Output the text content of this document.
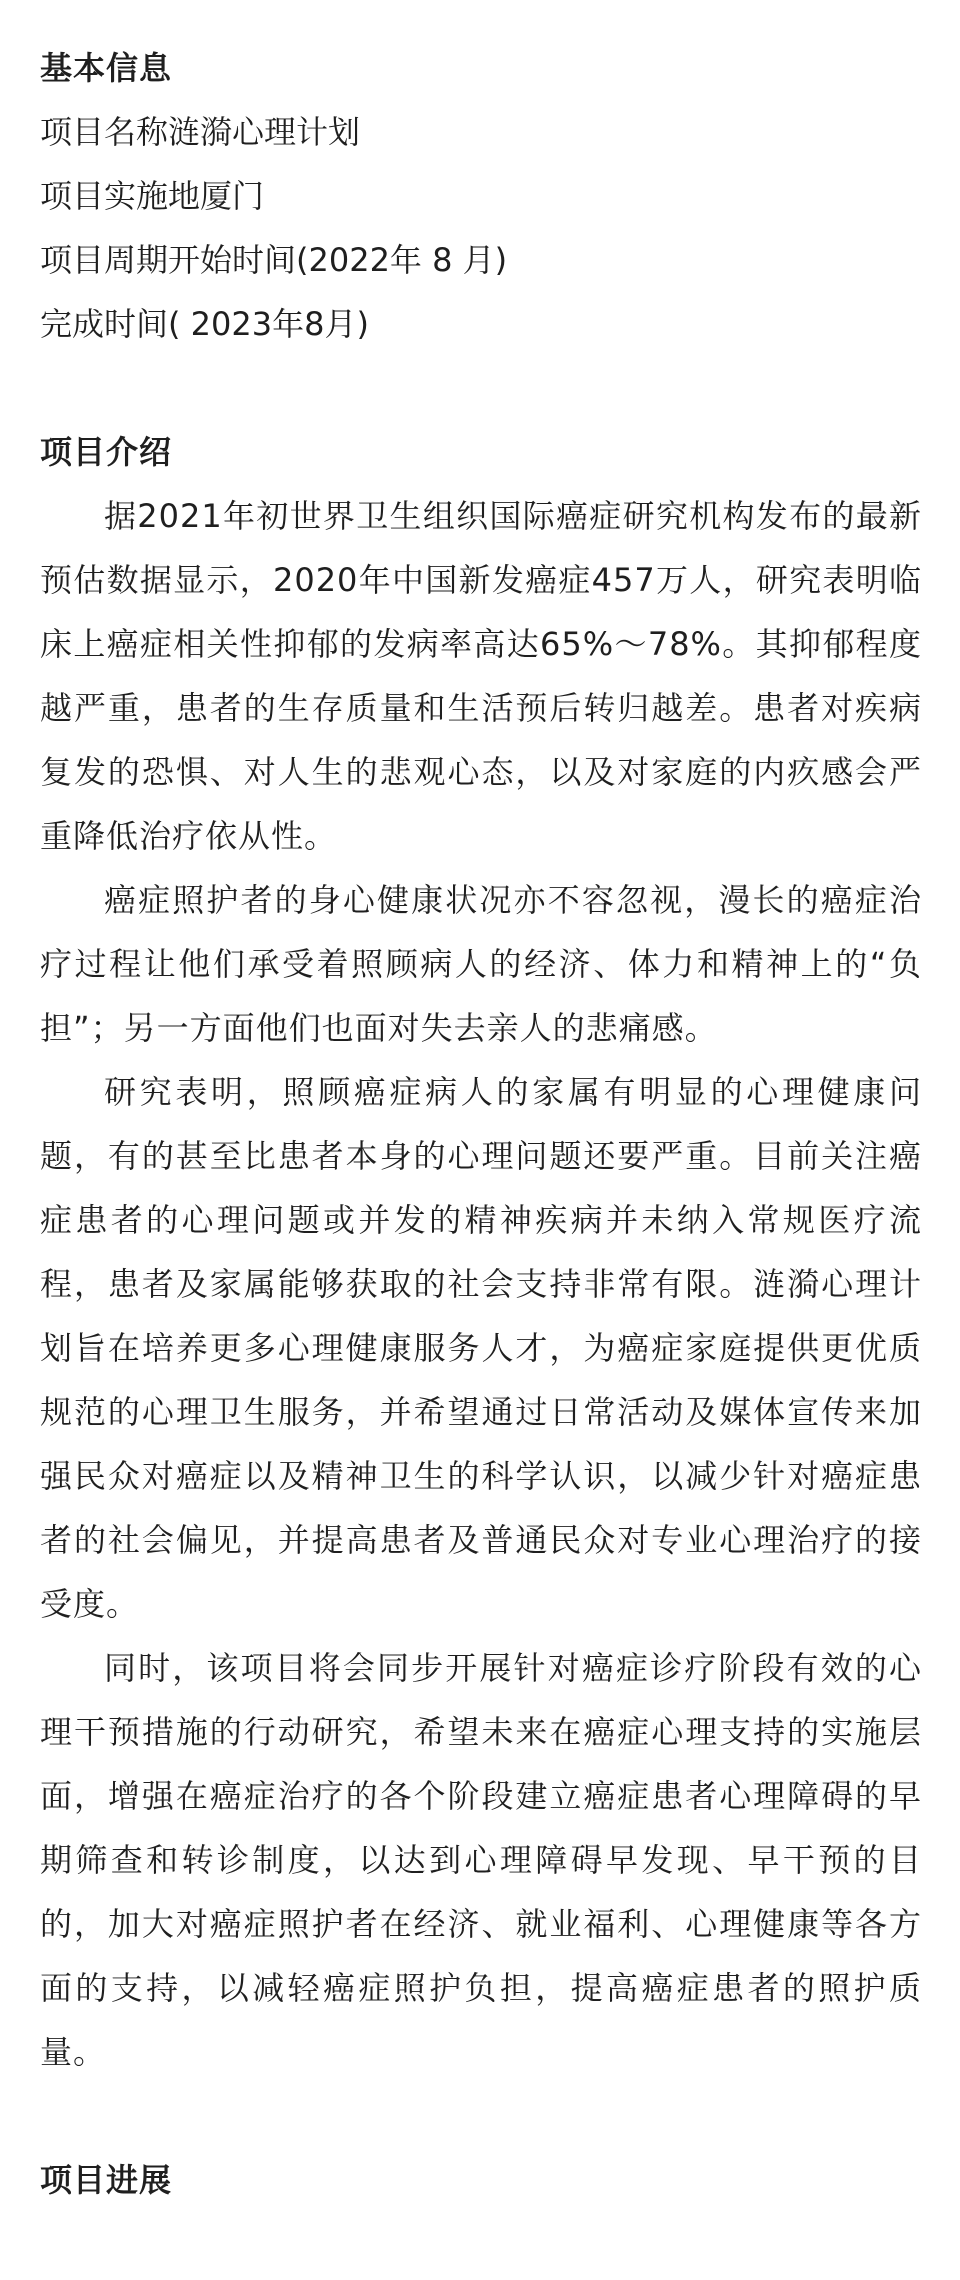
基本信息
项目名称涟漪心理计划
项目实施地厦门
项目周期开始时间(2022年 8 月)
完成时间( 2023年8月)
项目介绍

据2021年初世界卫生组织国际癌症研究机构发布的最新预估数据显示，2020年中国新发癌症457万人，研究表明临床上癌症相关性抑郁的发病率高达65%～78%。其抑郁程度越严重，患者的生存质量和生活预后转归越差。患者对疾病复发的恐惧、对人生的悲观心态，以及对家庭的内疚感会严重降低治疗依从性。

癌症照护者的身心健康状况亦不容忽视，漫长的癌症治疗过程让他们承受着照顾病人的经济、体力和精神上的“负担”；另一方面他们也面对失去亲人的悲痛感。

研究表明，照顾癌症病人的家属有明显的心理健康问题，有的甚至比患者本身的心理问题还要严重。目前关注癌症患者的心理问题或并发的精神疾病并未纳入常规医疗流程，患者及家属能够获取的社会支持非常有限。涟漪心理计划旨在培养更多心理健康服务人才，为癌症家庭提供更优质规范的心理卫生服务，并希望通过日常活动及媒体宣传来加强民众对癌症以及精神卫生的科学认识，以减少针对癌症患者的社会偏见，并提高患者及普通民众对专业心理治疗的接受度。

同时，该项目将会同步开展针对癌症诊疗阶段有效的心理干预措施的行动研究，希望未来在癌症心理支持的实施层面，增强在癌症治疗的各个阶段建立癌症患者心理障碍的早期筛查和转诊制度，以达到心理障碍早发现、早干预的目的，加大对癌症照护者在经济、就业福利、心理健康等各方面的支持，以减轻癌症照护负担，提高癌症患者的照护质量。

项目进展
